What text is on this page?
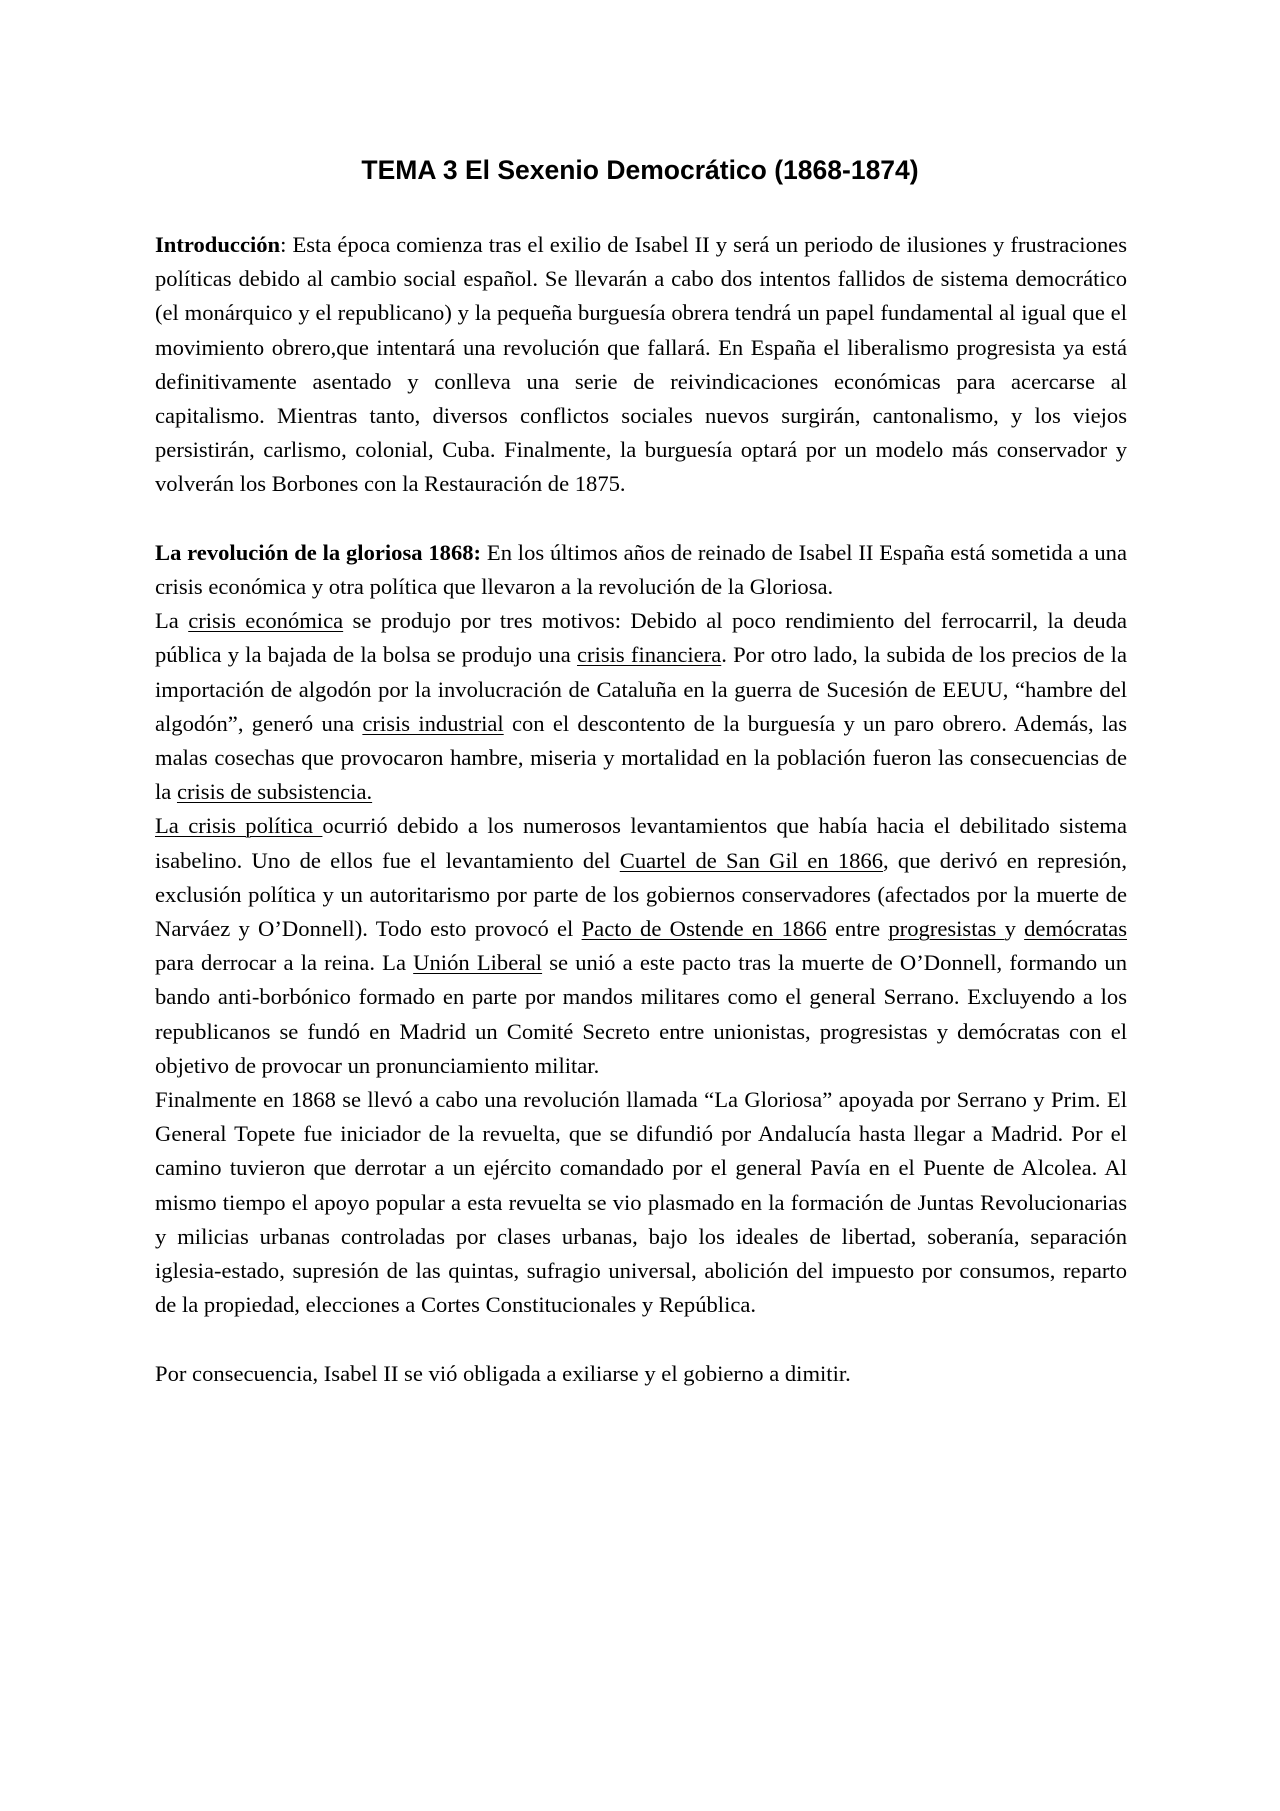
TEMA 3 El Sexenio Democrático (1868-1874)

Introducción: Esta época comienza tras el exilio de Isabel II y será un periodo de ilusiones y frustraciones políticas debido al cambio social español. Se llevarán a cabo dos intentos fallidos de sistema democrático (el monárquico y el republicano) y la pequeña burguesía obrera tendrá un papel fundamental al igual que el movimiento obrero,que intentará una revolución que fallará. En España el liberalismo progresista ya está definitivamente asentado y conlleva una serie de reivindicaciones económicas para acercarse al capitalismo. Mientras tanto, diversos conflictos sociales nuevos surgirán, cantonalismo, y los viejos persistirán, carlismo, colonial, Cuba. Finalmente, la burguesía optará por un modelo más conservador y volverán los Borbones con la Restauración de 1875.

La revolución de la gloriosa 1868: En los últimos años de reinado de Isabel II España está sometida a una crisis económica y otra política que llevaron a la revolución de la Gloriosa.

La crisis económica se produjo por tres motivos: Debido al poco rendimiento del ferrocarril, la deuda pública y la bajada de la bolsa se produjo una crisis financiera. Por otro lado, la subida de los precios de la importación de algodón por la involucración de Cataluña en la guerra de Sucesión de EEUU, “hambre del algodón”, generó una crisis industrial con el descontento de la burguesía y un paro obrero. Además, las malas cosechas que provocaron hambre, miseria y mortalidad en la población fueron las consecuencias de la crisis de subsistencia.

La crisis política ocurrió debido a los numerosos levantamientos que había hacia el debilitado sistema isabelino. Uno de ellos fue el levantamiento del Cuartel de San Gil en 1866, que derivó en represión, exclusión política y un autoritarismo por parte de los gobiernos conservadores (afectados por la muerte de Narváez y O’Donnell). Todo esto provocó el Pacto de Ostende en 1866 entre progresistas y demócratas para derrocar a la reina. La Unión Liberal se unió a este pacto tras la muerte de O’Donnell, formando un bando anti-borbónico formado en parte por mandos militares como el general Serrano. Excluyendo a los republicanos se fundó en Madrid un Comité Secreto entre unionistas, progresistas y demócratas con el objetivo de provocar un pronunciamiento militar.

Finalmente en 1868 se llevó a cabo una revolución llamada “La Gloriosa” apoyada por Serrano y Prim. El General Topete fue iniciador de la revuelta, que se difundió por Andalucía hasta llegar a Madrid. Por el camino tuvieron que derrotar a un ejército comandado por el general Pavía en el Puente de Alcolea. Al mismo tiempo el apoyo popular a esta revuelta se vio plasmado en la formación de Juntas Revolucionarias y milicias urbanas controladas por clases urbanas, bajo los ideales de libertad, soberanía, separación iglesia-estado, supresión de las quintas, sufragio universal, abolición del impuesto por consumos, reparto de la propiedad, elecciones a Cortes Constitucionales y República.

Por consecuencia, Isabel II se vió obligada a exiliarse y el gobierno a dimitir.
